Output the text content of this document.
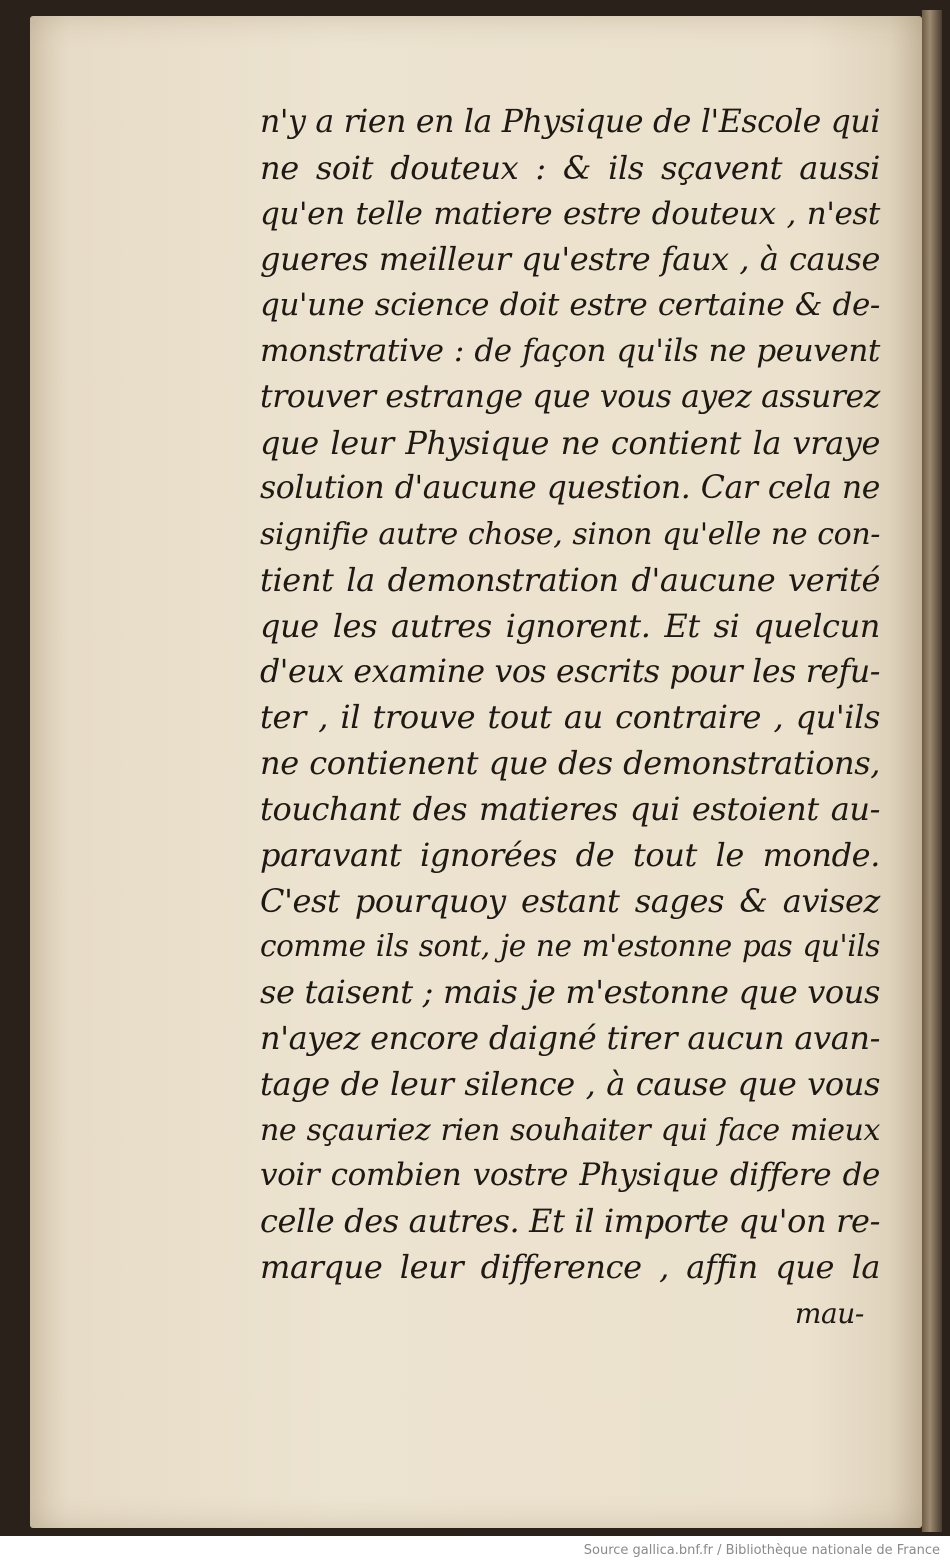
n'y a rien en la Physique de l'Escole qui
ne soit douteux : & ils sçavent aussi
qu'en telle matiere estre douteux , n'est
gueres meilleur qu'estre faux , à cause
qu'une science doit estre certaine & de-
monstrative : de façon qu'ils ne peuvent
trouver estrange que vous ayez assurez
que leur Physique ne contient la vraye
solution d'aucune question. Car cela ne
signifie autre chose, sinon qu'elle ne con-
tient la demonstration d'aucune verité
que les autres ignorent. Et si quelcun
d'eux examine vos escrits pour les refu-
ter , il trouve tout au contraire , qu'ils
ne contienent que des demonstrations,
touchant des matieres qui estoient au-
paravant ignorées de tout le monde.
C'est pourquoy estant sages & avisez
comme ils sont, je ne m'estonne pas qu'ils
se taisent ; mais je m'estonne que vous
n'ayez encore daigné tirer aucun avan-
tage de leur silence , à cause que vous
ne sçauriez rien souhaiter qui face mieux
voir combien vostre Physique differe de
celle des autres. Et il importe qu'on re-
marque leur difference , affin que la
mau-
Source gallica.bnf.fr / Bibliothèque nationale de France
